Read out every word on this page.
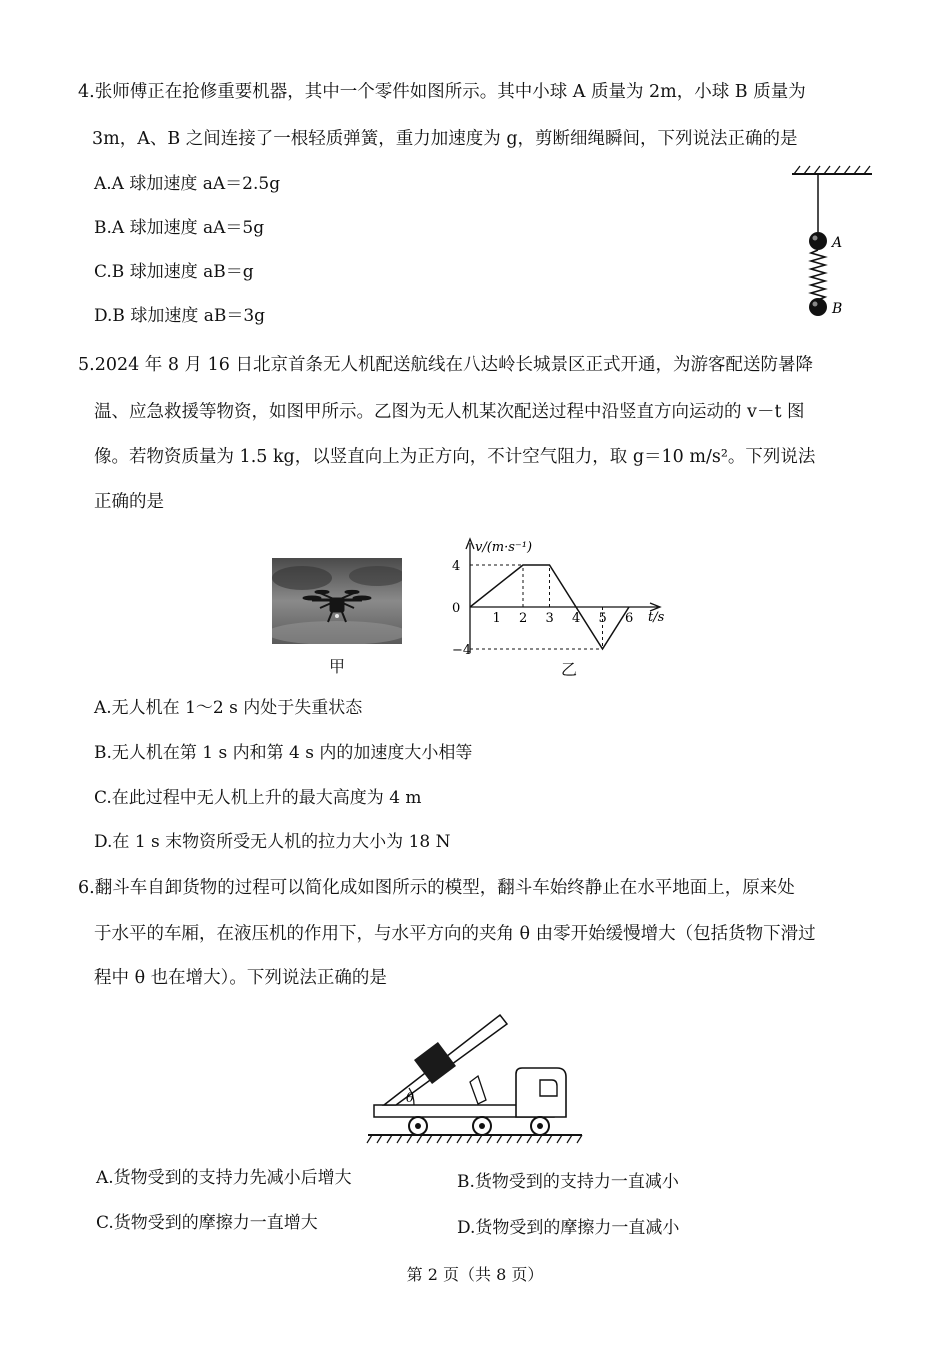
4.张师傅正在抢修重要机器，其中一个零件如图所示。其中小球 A 质量为 2m，小球 B 质量为
3m，A、B 之间连接了一根轻质弹簧，重力加速度为 g，剪断细绳瞬间，下列说法正确的是
A.A 球加速度 aA＝2.5g
B.A 球加速度 aA＝5g
C.B 球加速度 aB＝g
D.B 球加速度 aB＝3g
A
B
5.2024 年 8 月 16 日北京首条无人机配送航线在八达岭长城景区正式开通，为游客配送防暑降
温、应急救援等物资，如图甲所示。乙图为无人机某次配送过程中沿竖直方向运动的 v－t 图
像。若物资质量为 1.5 kg，以竖直向上为正方向，不计空气阻力，取 g＝10 m/s²。下列说法
正确的是
甲
v/(m·s⁻¹)
t/s
1 2 3 4 5 6
4
0
−4
乙
A.无人机在 1～2 s 内处于失重状态
B.无人机在第 1 s 内和第 4 s 内的加速度大小相等
C.在此过程中无人机上升的最大高度为 4 m
D.在 1 s 末物资所受无人机的拉力大小为 18 N
6.翻斗车自卸货物的过程可以简化成如图所示的模型，翻斗车始终静止在水平地面上，原来处
于水平的车厢，在液压机的作用下，与水平方向的夹角 θ 由零开始缓慢增大（包括货物下滑过
程中 θ 也在增大）。下列说法正确的是
θ
A.货物受到的支持力先减小后增大	B.货物受到的支持力一直减小
C.货物受到的摩擦力一直增大	D.货物受到的摩擦力一直减小
第 2 页（共 8 页）
